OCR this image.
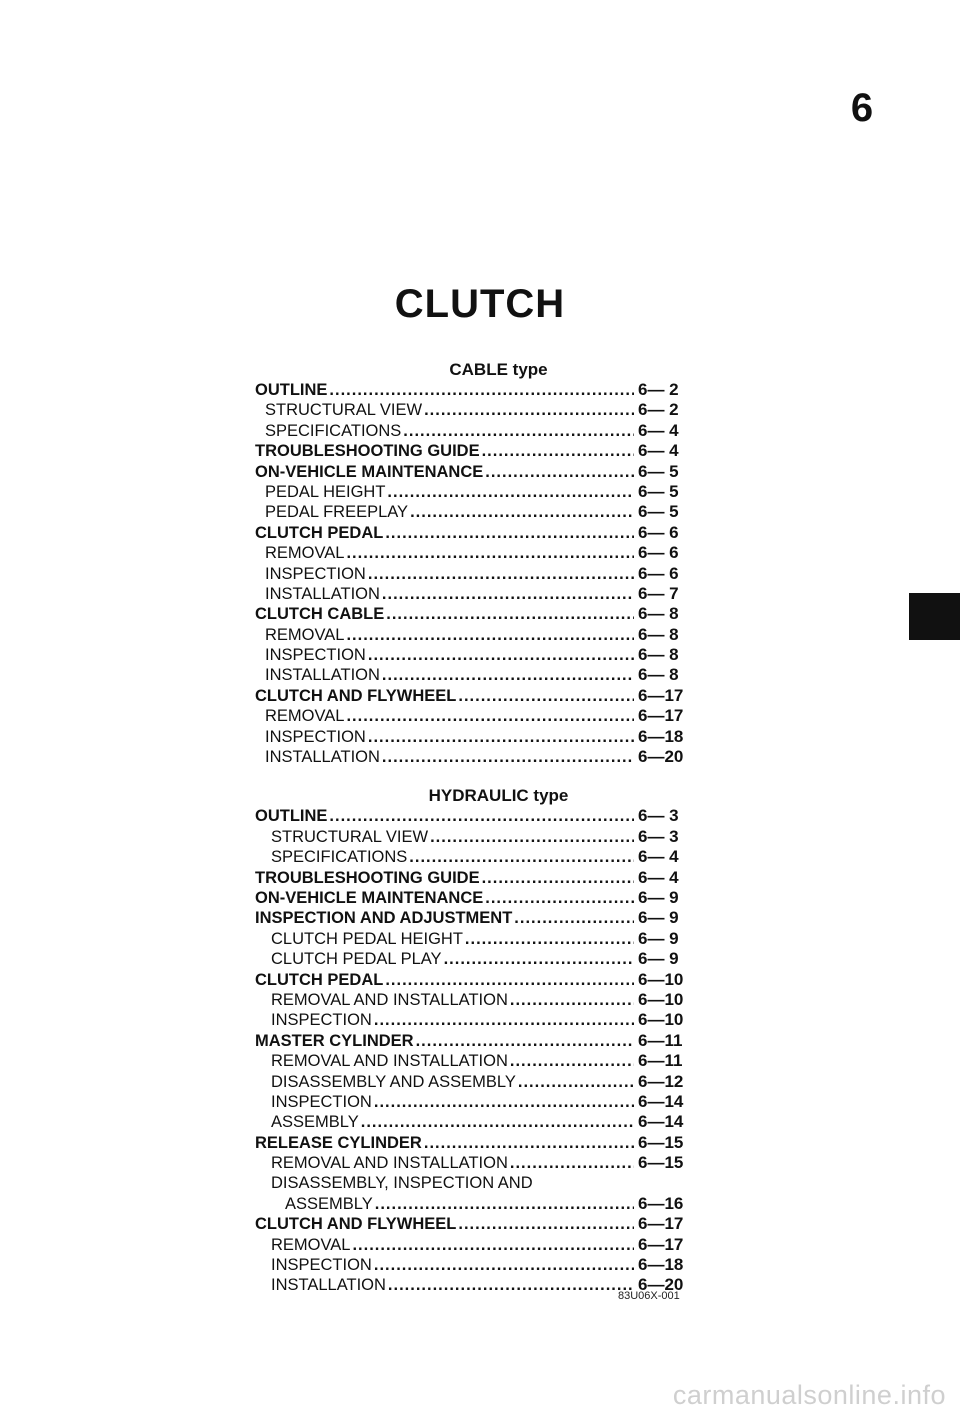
6
CLUTCH
CABLE type
OUTLINE .....	6— 2
STRUCTURAL VIEW .....	6— 2
SPECIFICATIONS .....	6— 4
TROUBLESHOOTING GUIDE .....	6— 4
ON-VEHICLE MAINTENANCE .....	6— 5
PEDAL HEIGHT .....	6— 5
PEDAL FREEPLAY .....	6— 5
CLUTCH PEDAL .....	6— 6
REMOVAL .....	6— 6
INSPECTION .....	6— 6
INSTALLATION .....	6— 7
CLUTCH CABLE .....	6— 8
REMOVAL .....	6— 8
INSPECTION .....	6— 8
INSTALLATION .....	6— 8
CLUTCH AND FLYWHEEL .....	6—17
REMOVAL .....	6—17
INSPECTION .....	6—18
INSTALLATION .....	6—20
HYDRAULIC type
OUTLINE .....	6— 3
STRUCTURAL VIEW .....	6— 3
SPECIFICATIONS .....	6— 4
TROUBLESHOOTING GUIDE .....	6— 4
ON-VEHICLE MAINTENANCE .....	6— 9
INSPECTION AND ADJUSTMENT .....	6— 9
CLUTCH PEDAL HEIGHT .....	6— 9
CLUTCH PEDAL PLAY .....	6— 9
CLUTCH PEDAL .....	6—10
REMOVAL AND INSTALLATION .....	6—10
INSPECTION .....	6—10
MASTER CYLINDER .....	6—11
REMOVAL AND INSTALLATION .....	6—11
DISASSEMBLY AND ASSEMBLY .....	6—12
INSPECTION .....	6—14
ASSEMBLY .....	6—14
RELEASE CYLINDER .....	6—15
REMOVAL AND INSTALLATION .....	6—15
DISASSEMBLY, INSPECTION AND
ASSEMBLY .....	6—16
CLUTCH AND FLYWHEEL .....	6—17
REMOVAL .....	6—17
INSPECTION .....	6—18
INSTALLATION .....	6—20
83U06X-001
carmanualsonline.info
